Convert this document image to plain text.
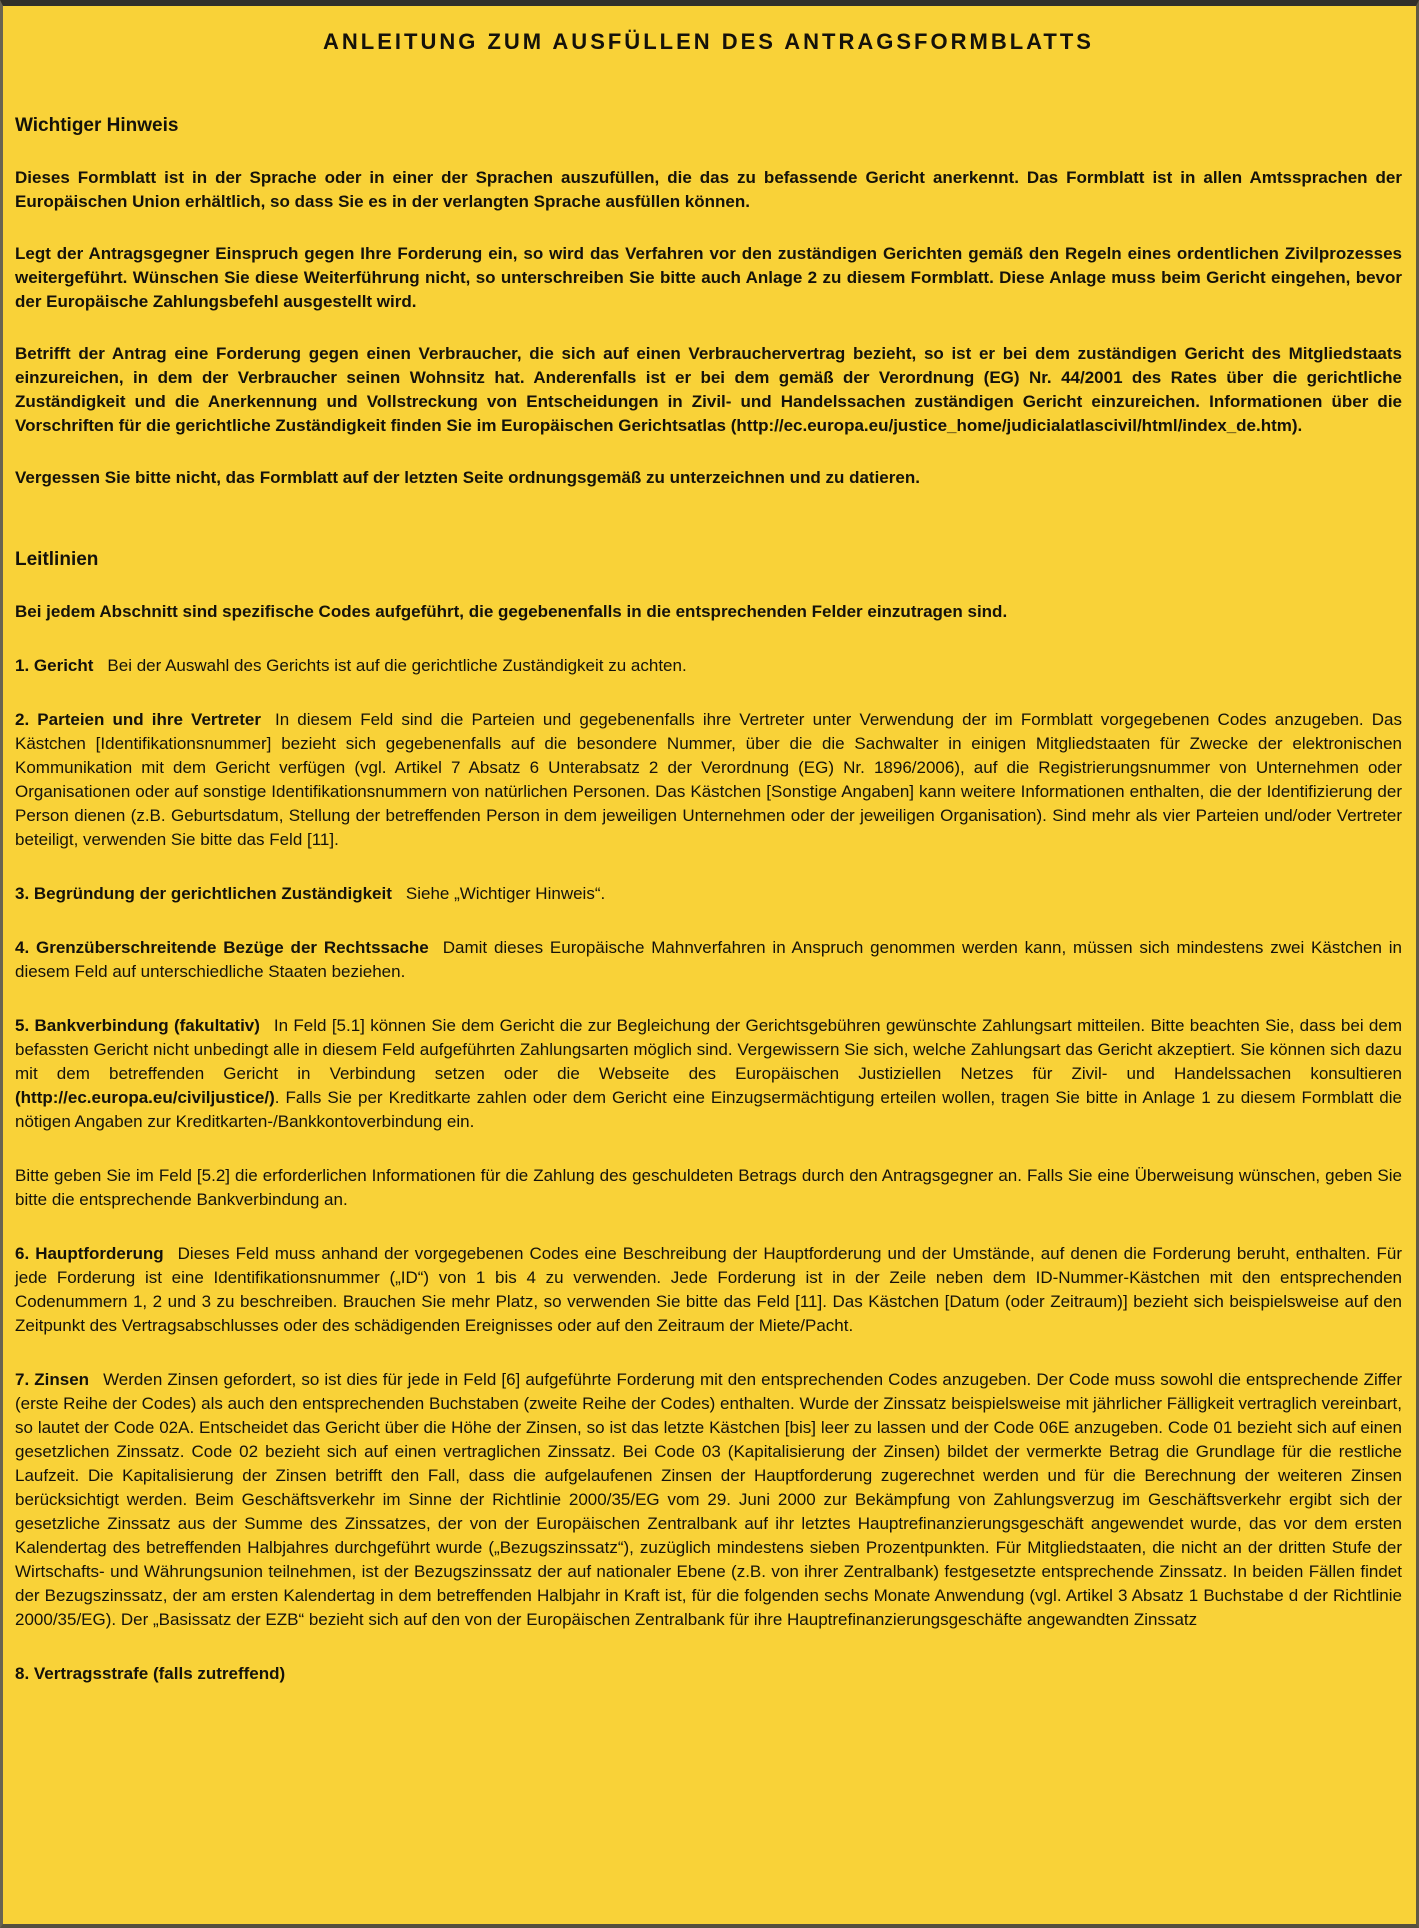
ANLEITUNG ZUM AUSFÜLLEN DES ANTRAGSFORMBLATTS
Wichtiger Hinweis

Dieses Formblatt ist in der Sprache oder in einer der Sprachen auszufüllen, die das zu befassende Gericht anerkennt. Das Formblatt ist in allen Amtssprachen der Europäischen Union erhältlich, so dass Sie es in der verlangten Sprache ausfüllen können.

Legt der Antragsgegner Einspruch gegen Ihre Forderung ein, so wird das Verfahren vor den zuständigen Gerichten gemäß den Regeln eines ordentlichen Zivilprozesses weitergeführt. Wünschen Sie diese Weiterführung nicht, so unterschreiben Sie bitte auch Anlage 2 zu diesem Formblatt. Diese Anlage muss beim Gericht eingehen, bevor der Europäische Zahlungsbefehl ausgestellt wird.

Betrifft der Antrag eine Forderung gegen einen Verbraucher, die sich auf einen Verbrauchervertrag bezieht, so ist er bei dem zuständigen Gericht des Mitgliedstaats einzureichen, in dem der Verbraucher seinen Wohnsitz hat. Anderenfalls ist er bei dem gemäß der Verordnung (EG) Nr. 44/2001 des Rates über die gerichtliche Zuständigkeit und die Anerkennung und Vollstreckung von Entscheidungen in Zivil- und Handelssachen zuständigen Gericht einzureichen. Informationen über die Vorschriften für die gerichtliche Zuständigkeit finden Sie im Europäischen Gerichtsatlas (http://ec.europa.eu/justice_home/judicialatlascivil/html/index_de.htm).

Vergessen Sie bitte nicht, das Formblatt auf der letzten Seite ordnungsgemäß zu unterzeichnen und zu datieren.

Leitlinien

Bei jedem Abschnitt sind spezifische Codes aufgeführt, die gegebenenfalls in die entsprechenden Felder einzutragen sind.

1. Gericht Bei der Auswahl des Gerichts ist auf die gerichtliche Zuständigkeit zu achten.

2. Parteien und ihre Vertreter In diesem Feld sind die Parteien und gegebenenfalls ihre Vertreter unter Verwendung der im Formblatt vorgegebenen Codes anzugeben. Das Kästchen [Identifikationsnummer] bezieht sich gegebenenfalls auf die besondere Nummer, über die die Sachwalter in einigen Mitgliedstaaten für Zwecke der elektronischen Kommunikation mit dem Gericht verfügen (vgl. Artikel 7 Absatz 6 Unterabsatz 2 der Verordnung (EG) Nr. 1896/2006), auf die Registrierungsnummer von Unternehmen oder Organisationen oder auf sonstige Identifikationsnummern von natürlichen Personen. Das Kästchen [Sonstige Angaben] kann weitere Informationen enthalten, die der Identifizierung der Person dienen (z.B. Geburtsdatum, Stellung der betreffenden Person in dem jeweiligen Unternehmen oder der jeweiligen Organisation). Sind mehr als vier Parteien und/oder Vertreter beteiligt, verwenden Sie bitte das Feld [11].

3. Begründung der gerichtlichen Zuständigkeit Siehe „Wichtiger Hinweis“.

4. Grenzüberschreitende Bezüge der Rechtssache Damit dieses Europäische Mahnverfahren in Anspruch genommen werden kann, müssen sich mindestens zwei Kästchen in diesem Feld auf unterschiedliche Staaten beziehen.

5. Bankverbindung (fakultativ) In Feld [5.1] können Sie dem Gericht die zur Begleichung der Gerichtsgebühren gewünschte Zahlungsart mitteilen. Bitte beachten Sie, dass bei dem befassten Gericht nicht unbedingt alle in diesem Feld aufgeführten Zahlungsarten möglich sind. Vergewissern Sie sich, welche Zahlungsart das Gericht akzeptiert. Sie können sich dazu mit dem betreffenden Gericht in Verbindung setzen oder die Webseite des Europäischen Justiziellen Netzes für Zivil- und Handelssachen konsultieren (http://ec.europa.eu/civiljustice/). Falls Sie per Kreditkarte zahlen oder dem Gericht eine Einzugsermächtigung erteilen wollen, tragen Sie bitte in Anlage 1 zu diesem Formblatt die nötigen Angaben zur Kreditkarten-/Bankkontoverbindung ein.

Bitte geben Sie im Feld [5.2] die erforderlichen Informationen für die Zahlung des geschuldeten Betrags durch den Antragsgegner an. Falls Sie eine Überweisung wünschen, geben Sie bitte die entsprechende Bankverbindung an.

6. Hauptforderung Dieses Feld muss anhand der vorgegebenen Codes eine Beschreibung der Hauptforderung und der Umstände, auf denen die Forderung beruht, enthalten. Für jede Forderung ist eine Identifikationsnummer („ID“) von 1 bis 4 zu verwenden. Jede Forderung ist in der Zeile neben dem ID-Nummer-Kästchen mit den entsprechenden Codenummern 1, 2 und 3 zu beschreiben. Brauchen Sie mehr Platz, so verwenden Sie bitte das Feld [11]. Das Kästchen [Datum (oder Zeitraum)] bezieht sich beispielsweise auf den Zeitpunkt des Vertragsabschlusses oder des schädigenden Ereignisses oder auf den Zeitraum der Miete/Pacht.

7. Zinsen Werden Zinsen gefordert, so ist dies für jede in Feld [6] aufgeführte Forderung mit den entsprechenden Codes anzugeben. Der Code muss sowohl die entsprechende Ziffer (erste Reihe der Codes) als auch den entsprechenden Buchstaben (zweite Reihe der Codes) enthalten. Wurde der Zinssatz beispielsweise mit jährlicher Fälligkeit vertraglich vereinbart, so lautet der Code 02A. Entscheidet das Gericht über die Höhe der Zinsen, so ist das letzte Kästchen [bis] leer zu lassen und der Code 06E anzugeben. Code 01 bezieht sich auf einen gesetzlichen Zinssatz. Code 02 bezieht sich auf einen vertraglichen Zinssatz. Bei Code 03 (Kapitalisierung der Zinsen) bildet der vermerkte Betrag die Grundlage für die restliche Laufzeit. Die Kapitalisierung der Zinsen betrifft den Fall, dass die aufgelaufenen Zinsen der Hauptforderung zugerechnet werden und für die Berechnung der weiteren Zinsen berücksichtigt werden. Beim Geschäftsverkehr im Sinne der Richtlinie 2000/35/EG vom 29. Juni 2000 zur Bekämpfung von Zahlungsverzug im Geschäftsverkehr ergibt sich der gesetzliche Zinssatz aus der Summe des Zinssatzes, der von der Europäischen Zentralbank auf ihr letztes Hauptrefinanzierungsgeschäft angewendet wurde, das vor dem ersten Kalendertag des betreffenden Halbjahres durchgeführt wurde („Bezugszinssatz“), zuzüglich mindestens sieben Prozentpunkten. Für Mitgliedstaaten, die nicht an der dritten Stufe der Wirtschafts- und Währungsunion teilnehmen, ist der Bezugszinssatz der auf nationaler Ebene (z.B. von ihrer Zentralbank) festgesetzte entsprechende Zinssatz. In beiden Fällen findet der Bezugszinssatz, der am ersten Kalendertag in dem betreffenden Halbjahr in Kraft ist, für die folgenden sechs Monate Anwendung (vgl. Artikel 3 Absatz 1 Buchstabe d der Richtlinie 2000/35/EG). Der „Basissatz der EZB“ bezieht sich auf den von der Europäischen Zentralbank für ihre Hauptrefinanzierungsgeschäfte angewandten Zinssatz

8. Vertragsstrafe (falls zutreffend)
